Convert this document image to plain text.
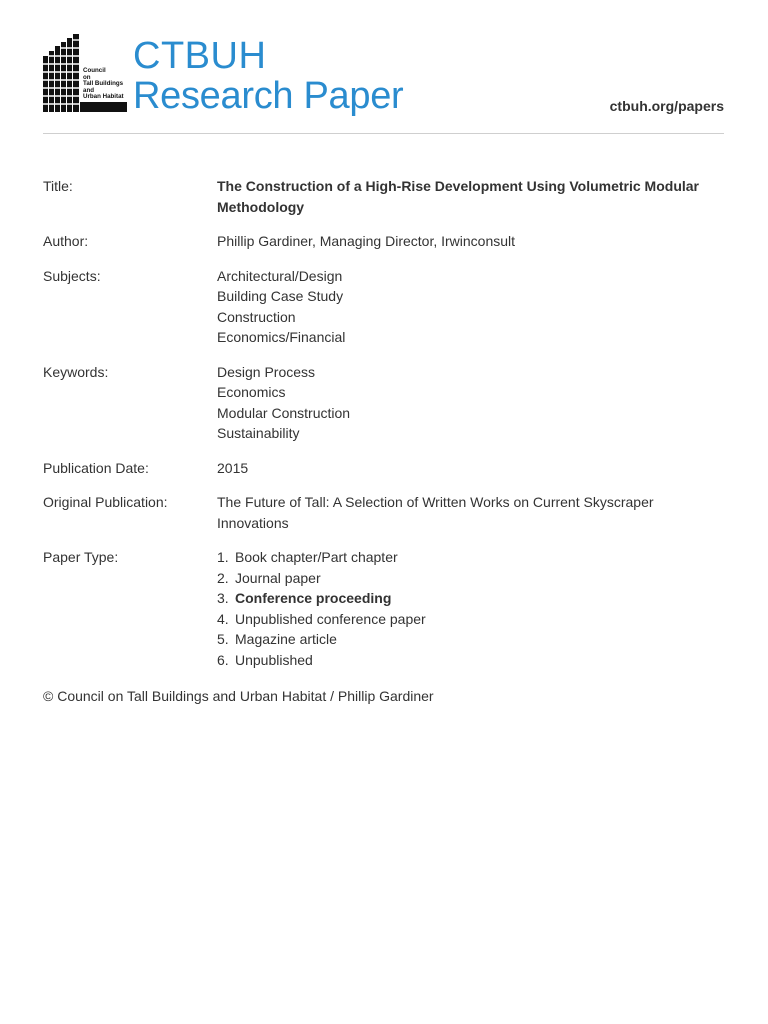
Council
on
Tall Buildings
and
Urban Habitat
CTBUH
Research Paper	ctbuh.org/papers
Title:	The Construction of a High-Rise Development Using Volumetric Modular Methodology
Author:	Phillip Gardiner, Managing Director, Irwinconsult
Subjects:	Architectural/Design
Building Case Study
Construction
Economics/Financial
Keywords:	Design Process
Economics
Modular Construction
Sustainability
Publication Date:	2015
Original Publication:	The Future of Tall: A Selection of Written Works on Current Skyscraper Innovations
Paper Type:	1. Book chapter/Part chapter
2. Journal paper
3. Conference proceeding
4. Unpublished conference paper
5. Magazine article
6. Unpublished
© Council on Tall Buildings and Urban Habitat / Phillip Gardiner
